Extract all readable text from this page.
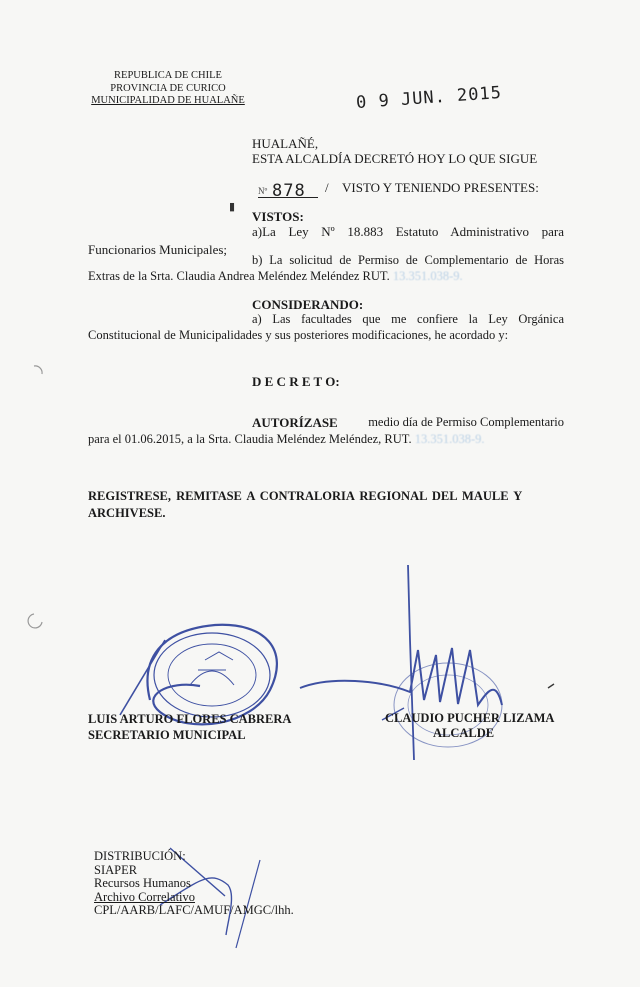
REPUBLICA DE CHILE
PROVINCIA DE CURICO
MUNICIPALIDAD DE HUALAÑE	0 9 JUN. 2015
HUALAÑÉ,
ESTA ALCALDÍA DECRETÓ HOY LO QUE SIGUE
▮
Nº 878 / VISTO Y TENIENDO PRESENTES:
VISTOS:
a)La Ley Nº 18.883 Estatuto Administrativo para
Funcionarios Municipales;
b) La solicitud de Permiso de Complementario de Horas
Extras de la Srta. Claudia Andrea Meléndez Meléndez RUT. 13.351.038-9.
CONSIDERANDO:
a) Las facultades que me confiere la Ley Orgánica
Constitucional de Municipalidades y sus posteriores modificaciones, he acordado y:
D E C R E T O:
AUTORÍZASE medio día de Permiso Complementario
para el 01.06.2015, a la Srta. Claudia Meléndez Meléndez, RUT. 13.351.038-9.
REGISTRESE, REMITASE A CONTRALORIA REGIONAL DEL MAULE Y
ARCHIVESE.
LUIS ARTURO FLORES CABRERA
SECRETARIO MUNICIPAL
CLAUDIO PUCHER LIZAMA
ALCALDE
DISTRIBUCIÓN:
SIAPER
Recursos Humanos
Archivo Correlativo
CPL/AARB/LAFC/AMUF/AMGC/lhh.
